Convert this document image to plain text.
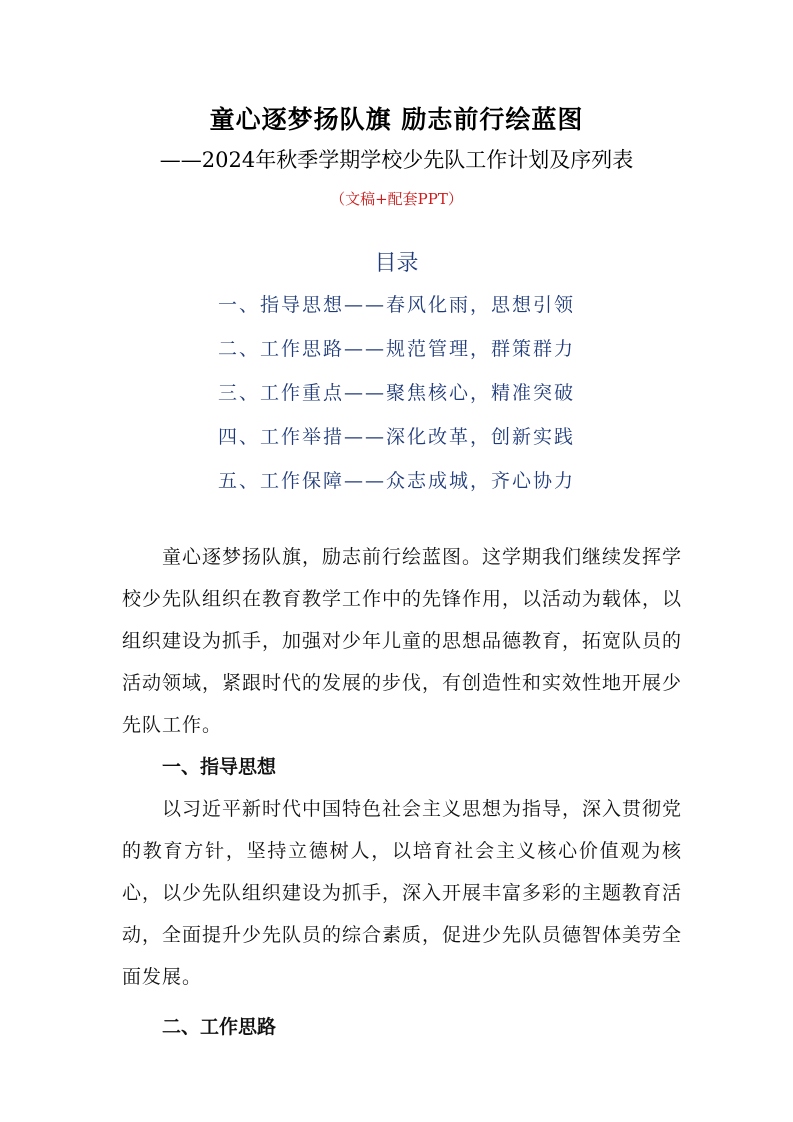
童心逐梦扬队旗 励志前行绘蓝图
——2024年秋季学期学校少先队工作计划及序列表
（文稿+配套PPT）
目录
一、指导思想——春风化雨，思想引领
二、工作思路——规范管理，群策群力
三、工作重点——聚焦核心，精准突破
四、工作举措——深化改革，创新实践
五、工作保障——众志成城，齐心协力

童心逐梦扬队旗，励志前行绘蓝图。这学期我们继续发挥学校少先队组织在教育教学工作中的先锋作用，以活动为载体，以组织建设为抓手，加强对少年儿童的思想品德教育，拓宽队员的活动领域，紧跟时代的发展的步伐，有创造性和实效性地开展少先队工作。

一、指导思想

以习近平新时代中国特色社会主义思想为指导，深入贯彻党的教育方针，坚持立德树人，以培育社会主义核心价值观为核心，以少先队组织建设为抓手，深入开展丰富多彩的主题教育活动，全面提升少先队员的综合素质，促进少先队员德智体美劳全面发展。

二、工作思路
